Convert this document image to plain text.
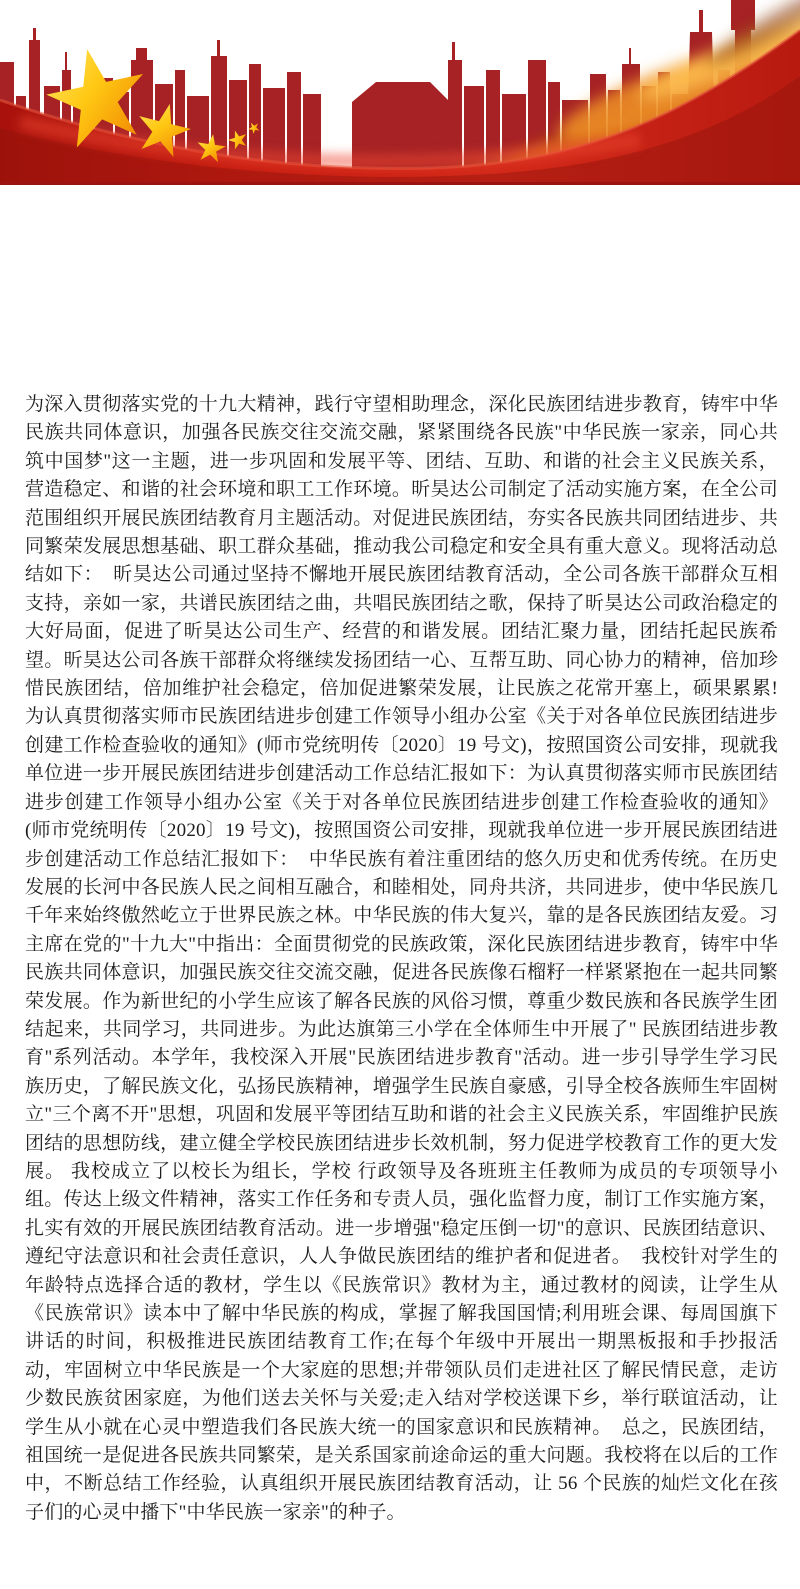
为深入贯彻落实党的十九大精神，践行守望相助理念，深化民族团结进步教育，铸牢中华民族共同体意识，加强各民族交往交流交融，紧紧围绕各民族"中华民族一家亲，同心共筑中国梦"这一主题，进一步巩固和发展平等、团结、互助、和谐的社会主义民族关系，营造稳定、和谐的社会环境和职工工作环境。昕昊达公司制定了活动实施方案，在全公司范围组织开展民族团结教育月主题活动。对促进民族团结，夯实各民族共同团结进步、共同繁荣发展思想基础、职工群众基础，推动我公司稳定和安全具有重大意义。现将活动总结如下：　昕昊达公司通过坚持不懈地开展民族团结教育活动，全公司各族干部群众互相支持，亲如一家，共谱民族团结之曲，共唱民族团结之歌，保持了昕昊达公司政治稳定的大好局面，促进了昕昊达公司生产、经营的和谐发展。团结汇聚力量，团结托起民族希望。昕昊达公司各族干部群众将继续发扬团结一心、互帮互助、同心协力的精神，倍加珍惜民族团结，倍加维护社会稳定，倍加促进繁荣发展，让民族之花常开塞上，硕果累累! 为认真贯彻落实师市民族团结进步创建工作领导小组办公室《关于对各单位民族团结进步创建工作检查验收的通知》(师市党统明传〔2020〕19 号文)，按照国资公司安排，现就我单位进一步开展民族团结进步创建活动工作总结汇报如下：为认真贯彻落实师市民族团结进步创建工作领导小组办公室《关于对各单位民族团结进步创建工作检查验收的通知》(师市党统明传〔2020〕19 号文)，按照国资公司安排，现就我单位进一步开展民族团结进步创建活动工作总结汇报如下：　中华民族有着注重团结的悠久历史和优秀传统。在历史发展的长河中各民族人民之间相互融合，和睦相处，同舟共济，共同进步，使中华民族几千年来始终傲然屹立于世界民族之林。中华民族的伟大复兴，靠的是各民族团结友爱。习主席在党的"十九大"中指出：全面贯彻党的民族政策，深化民族团结进步教育，铸牢中华民族共同体意识，加强民族交往交流交融，促进各民族像石榴籽一样紧紧抱在一起共同繁荣发展。作为新世纪的小学生应该了解各民族的风俗习惯，尊重少数民族和各民族学生团结起来，共同学习，共同进步。为此达旗第三小学在全体师生中开展了" 民族团结进步教育"系列活动。本学年，我校深入开展"民族团结进步教育"活动。进一步引导学生学习民族历史，了解民族文化，弘扬民族精神，增强学生民族自豪感，引导全校各族师生牢固树立"三个离不开"思想，巩固和发展平等团结互助和谐的社会主义民族关系，牢固维护民族团结的思想防线，建立健全学校民族团结进步长效机制，努力促进学校教育工作的更大发展。 我校成立了以校长为组长，学校 行政领导及各班班主任教师为成员的专项领导小组。传达上级文件精神，落实工作任务和专责人员，强化监督力度，制订工作实施方案，扎实有效的开展民族团结教育活动。进一步增强"稳定压倒一切"的意识、民族团结意识、遵纪守法意识和社会责任意识，人人争做民族团结的维护者和促进者。　我校针对学生的年龄特点选择合适的教材，学生以《民族常识》教材为主，通过教材的阅读，让学生从《民族常识》读本中了解中华民族的构成，掌握了解我国国情;利用班会课、每周国旗下讲话的时间，积极推进民族团结教育工作;在每个年级中开展出一期黑板报和手抄报活动，牢固树立中华民族是一个大家庭的思想;并带领队员们走进社区了解民情民意，走访少数民族贫困家庭，为他们送去关怀与关爱;走入结对学校送课下乡，举行联谊活动，让学生从小就在心灵中塑造我们各民族大统一的国家意识和民族精神。　总之，民族团结，祖国统一是促进各民族共同繁荣，是关系国家前途命运的重大问题。我校将在以后的工作中，不断总结工作经验，认真组织开展民族团结教育活动，让 56 个民族的灿烂文化在孩子们的心灵中播下"中华民族一家亲"的种子。
